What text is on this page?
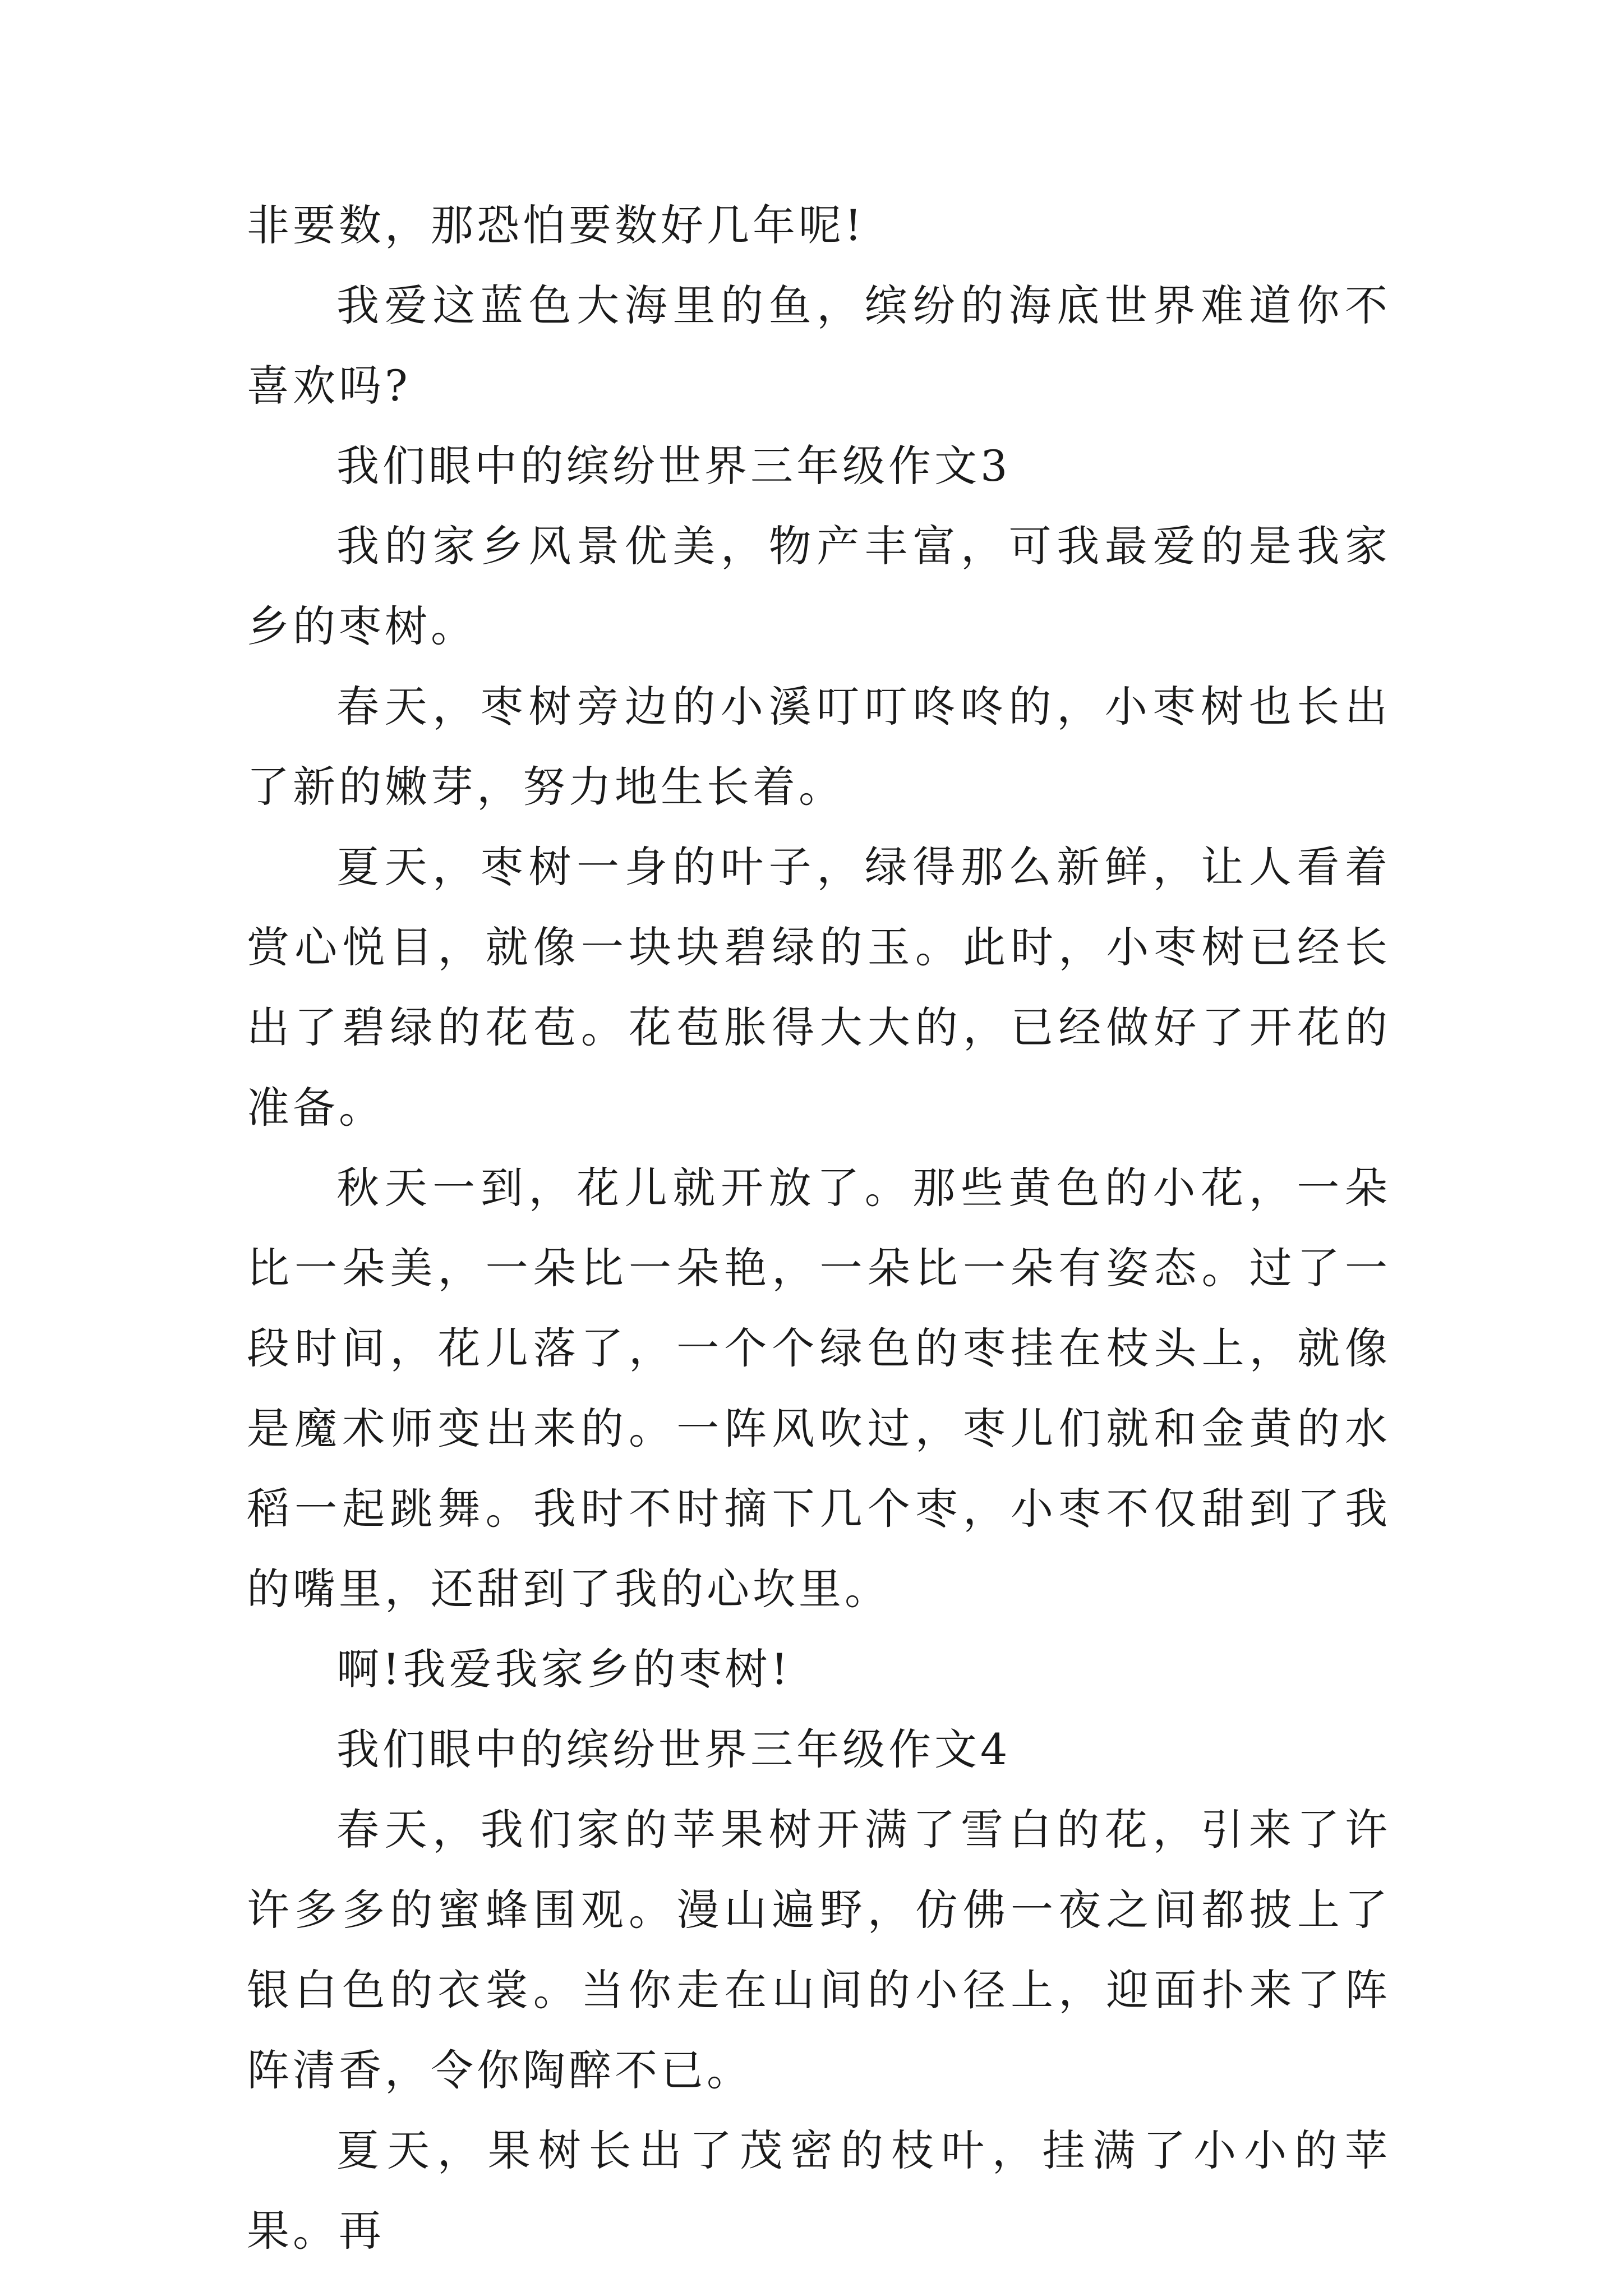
非要数，那恐怕要数好几年呢!

我爱这蓝色大海里的鱼，缤纷的海底世界难道你不喜欢吗?

我们眼中的缤纷世界三年级作文3

我的家乡风景优美，物产丰富，可我最爱的是我家乡的枣树。

春天，枣树旁边的小溪叮叮咚咚的，小枣树也长出了新的嫩芽，努力地生长着。

夏天，枣树一身的叶子，绿得那么新鲜，让人看着赏心悦目，就像一块块碧绿的玉。此时，小枣树已经长出了碧绿的花苞。花苞胀得大大的，已经做好了开花的准备。

秋天一到，花儿就开放了。那些黄色的小花，一朵比一朵美，一朵比一朵艳，一朵比一朵有姿态。过了一段时间，花儿落了，一个个绿色的枣挂在枝头上，就像是魔术师变出来的。一阵风吹过，枣儿们就和金黄的水稻一起跳舞。我时不时摘下几个枣，小枣不仅甜到了我的嘴里，还甜到了我的心坎里。

啊!我爱我家乡的枣树!

我们眼中的缤纷世界三年级作文4

春天，我们家的苹果树开满了雪白的花，引来了许许多多的蜜蜂围观。漫山遍野，仿佛一夜之间都披上了银白色的衣裳。当你走在山间的小径上，迎面扑来了阵阵清香，令你陶醉不已。

夏天，果树长出了茂密的枝叶，挂满了小小的苹果。再
